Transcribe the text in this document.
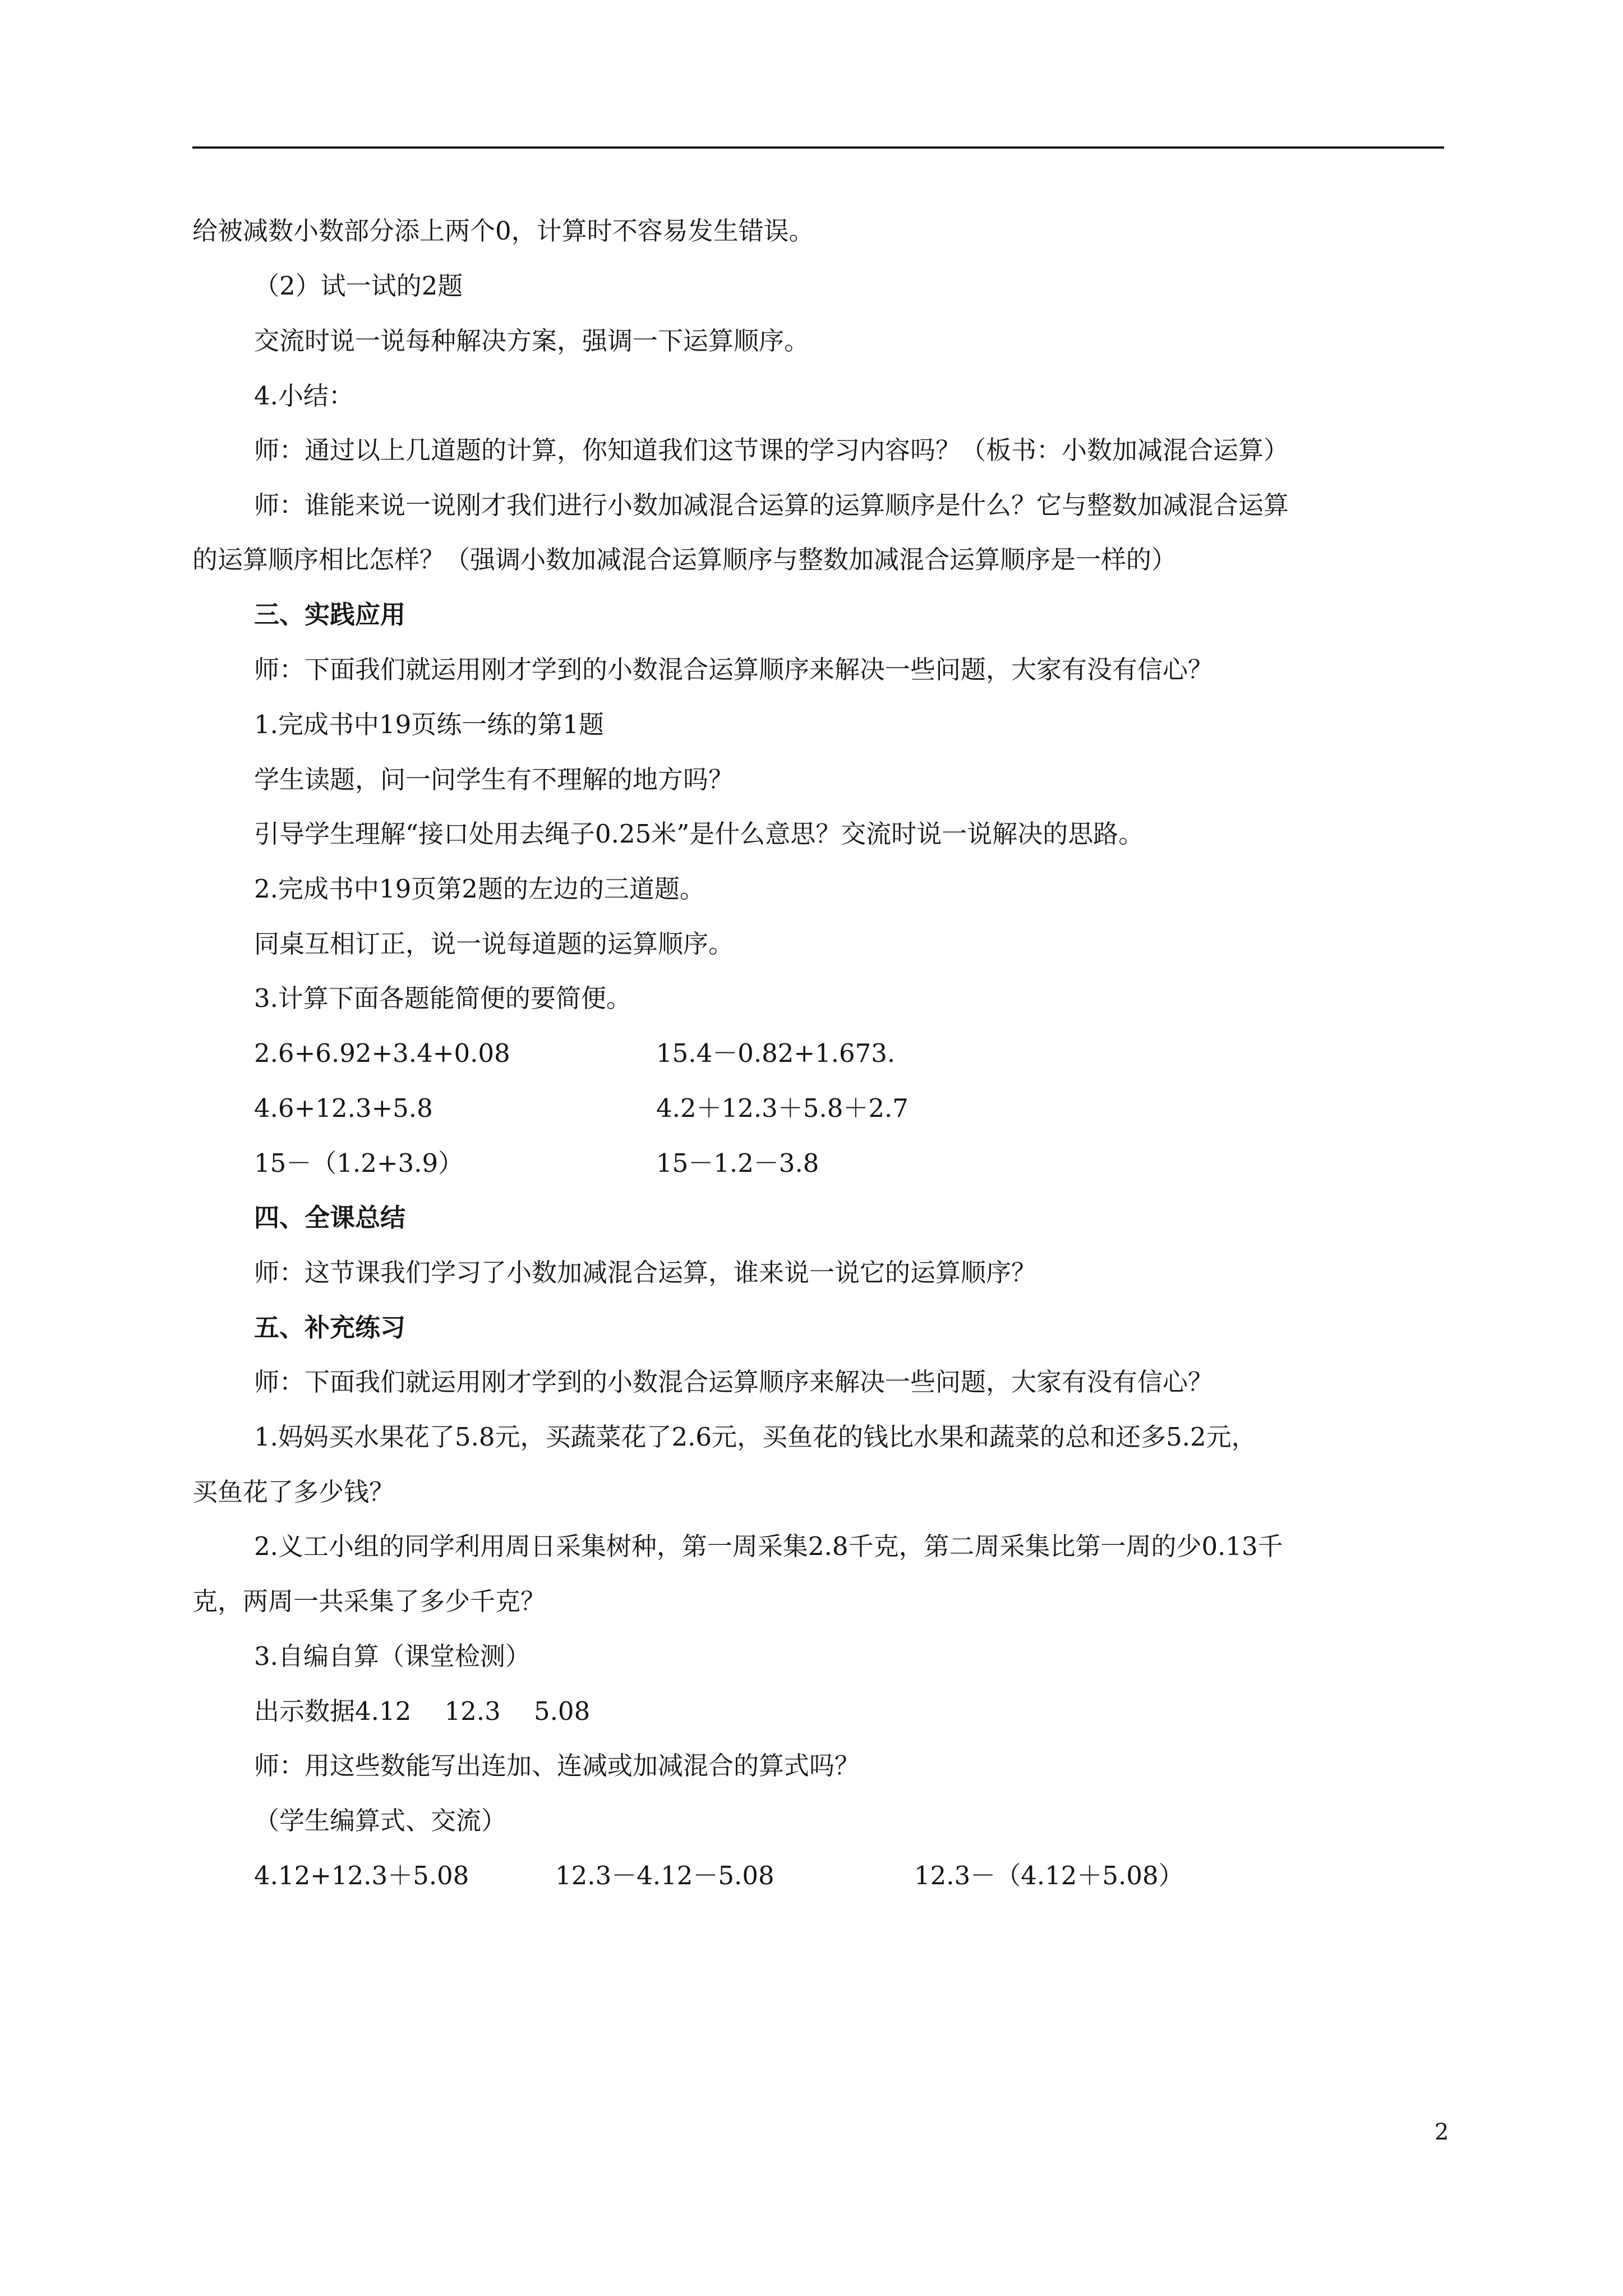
给被减数小数部分添上两个0，计算时不容易发生错误。
（2）试一试的2题
交流时说一说每种解决方案，强调一下运算顺序。
4.小结：
师：通过以上几道题的计算，你知道我们这节课的学习内容吗？（板书：小数加减混合运算）
师：谁能来说一说刚才我们进行小数加减混合运算的运算顺序是什么？它与整数加减混合运算
的运算顺序相比怎样？（强调小数加减混合运算顺序与整数加减混合运算顺序是一样的）
三、实践应用
师：下面我们就运用刚才学到的小数混合运算顺序来解决一些问题，大家有没有信心？
1.完成书中19页练一练的第1题
学生读题，问一问学生有不理解的地方吗？
引导学生理解“接口处用去绳子0.25米”是什么意思？交流时说一说解决的思路。
2.完成书中19页第2题的左边的三道题。
同桌互相订正，说一说每道题的运算顺序。
3.计算下面各题能简便的要简便。
2.6+6.92+3.4+0.08	15.4－0.82+1.673.
4.6+12.3+5.8	4.2＋12.3＋5.8＋2.7
15－（1.2+3.9）	15－1.2－3.8
四、全课总结
师：这节课我们学习了小数加减混合运算，谁来说一说它的运算顺序？
五、补充练习
师：下面我们就运用刚才学到的小数混合运算顺序来解决一些问题，大家有没有信心？
1.妈妈买水果花了5.8元，买蔬菜花了2.6元，买鱼花的钱比水果和蔬菜的总和还多5.2元，
买鱼花了多少钱？
2.义工小组的同学利用周日采集树种，第一周采集2.8千克，第二周采集比第一周的少0.13千
克，两周一共采集了多少千克？
3.自编自算（课堂检测）
出示数据4.12　 12.3　 5.08
师：用这些数能写出连加、连减或加减混合的算式吗？
（学生编算式、交流）
4.12+12.3＋5.08	12.3－4.12－5.08	12.3－（4.12＋5.08）
2
